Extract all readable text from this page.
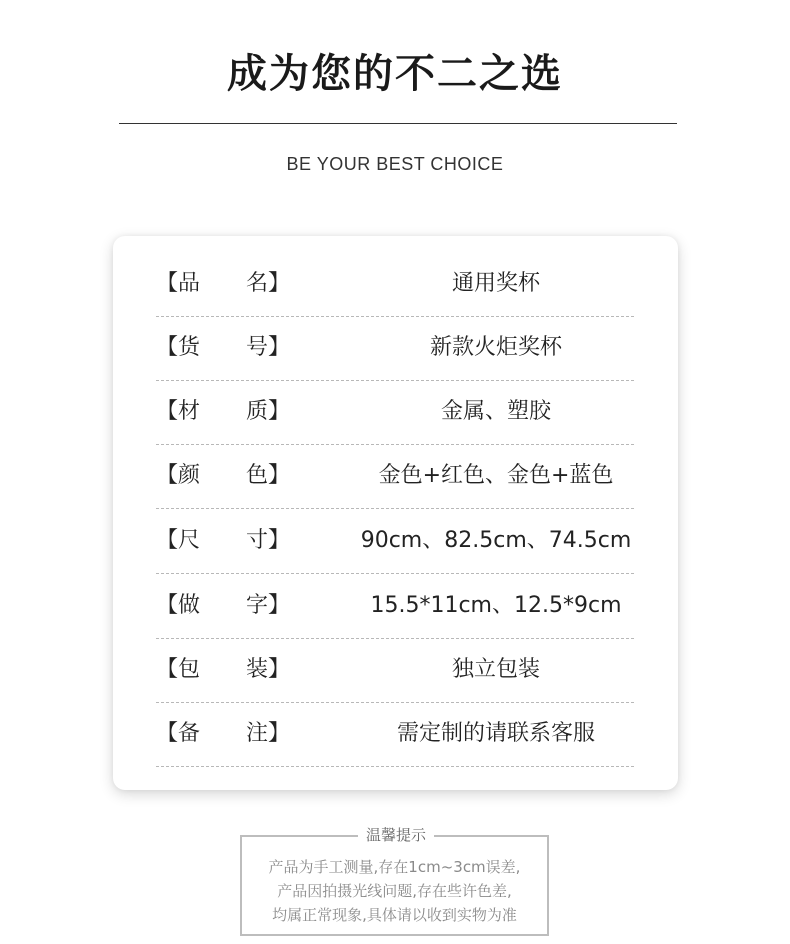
成为您的不二之选
BE YOUR BEST CHOICE
【品 名】	通用奖杯
【货 号】	新款火炬奖杯
【材 质】	金属、塑胶
【颜 色】	金色+红色、金色+蓝色
【尺 寸】	90cm、82.5cm、74.5cm
【做 字】	15.5*11cm、12.5*9cm
【包 装】	独立包装
【备 注】	需定制的请联系客服
温馨提示
产品为手工测量,存在1cm~3cm误差,
产品因拍摄光线问题,存在些许色差,
均属正常现象,具体请以收到实物为准
